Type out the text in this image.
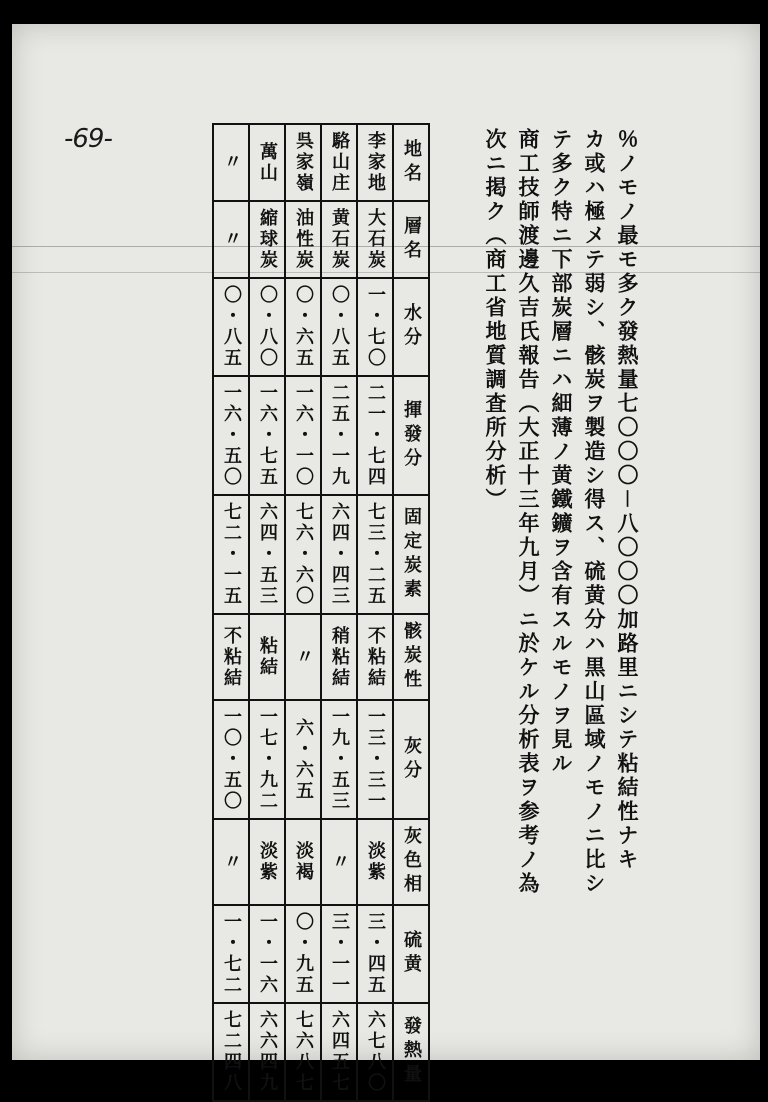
-69-	％ノモノ最モ多ク發熱量七〇〇〇－八〇〇〇加路里ニシテ粘結性ナキ
カ或ハ極メテ弱シ、骸炭ヲ製造シ得ス、硫黄分ハ黒山區域ノモノニ比シ
テ多ク特ニ下部炭層ニハ細薄ノ黄鐵鑛ヲ含有スルモノヲ見ル
商工技師渡邊久吉氏報告（大正十三年九月）ニ於ケル分析表ヲ参考ノ為
次ニ掲ク（商工省地質調査所分析）
地名	層名	水分	揮發分	固定炭素	骸炭性	灰分	灰色相	硫黄	發熱量
李家地	大石炭	一・七〇	二一・七四	七三・二五	不粘結	一三・三一	淡紫	三・四五	六七八〇
駱山庄	黄石炭	〇・八五	二五・一九	六四・四三	稍粘結	一九・五三	〃	三・一一	六四五七
呉家嶺	油性炭	〇・六五	一六・一〇	七六・六〇	〃	六・六五	淡褐	〇・九五	七六八七
萬山	縮球炭	〇・八〇	一六・七五	六四・五三	粘結	一七・九二	淡紫	一・一六	六六四九
〃	〃	〇・八五	一六・五〇	七二・一五	不粘結	一〇・五〇	〃	一・七二	七二四八
